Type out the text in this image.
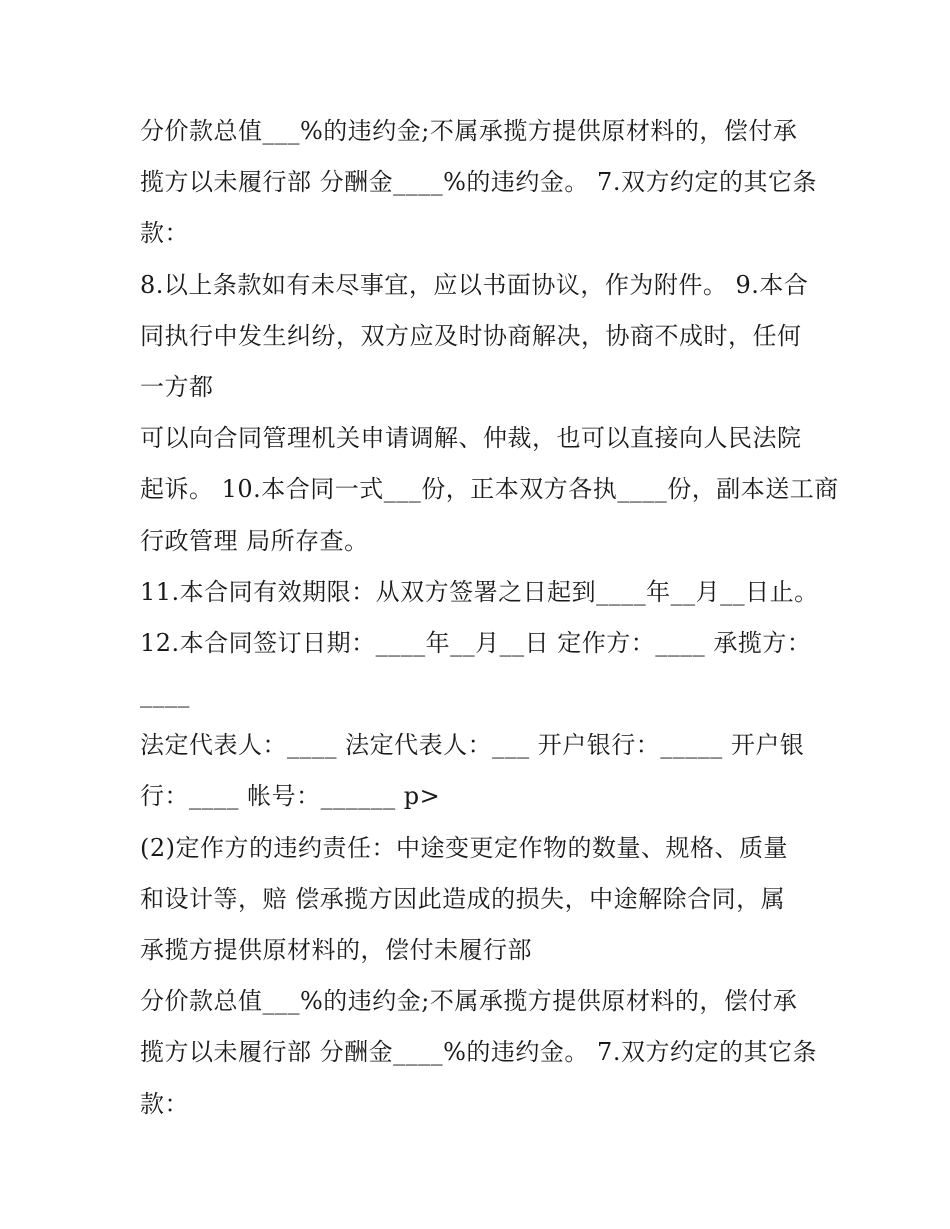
分价款总值___%的违约金;不属承揽方提供原材料的，偿付承
揽方以未履行部 分酬金____%的违约金。 7.双方约定的其它条
款：
8.以上条款如有未尽事宜，应以书面协议，作为附件。 9.本合
同执行中发生纠纷，双方应及时协商解决，协商不成时，任何
一方都
可以向合同管理机关申请调解、仲裁，也可以直接向人民法院
起诉。 10.本合同一式___份，正本双方各执____份，副本送工商
行政管理 局所存查。
11.本合同有效期限：从双方签署之日起到____年__月__日止。
12.本合同签订日期：____年__月__日 定作方：____ 承揽方：
____
法定代表人：____ 法定代表人：___ 开户银行：_____ 开户银
行：____ 帐号：______ p>
(2)定作方的违约责任：中途变更定作物的数量、规格、质量
和设计等，赔 偿承揽方因此造成的损失，中途解除合同，属
承揽方提供原材料的，偿付未履行部
分价款总值___%的违约金;不属承揽方提供原材料的，偿付承
揽方以未履行部 分酬金____%的违约金。 7.双方约定的其它条
款：
